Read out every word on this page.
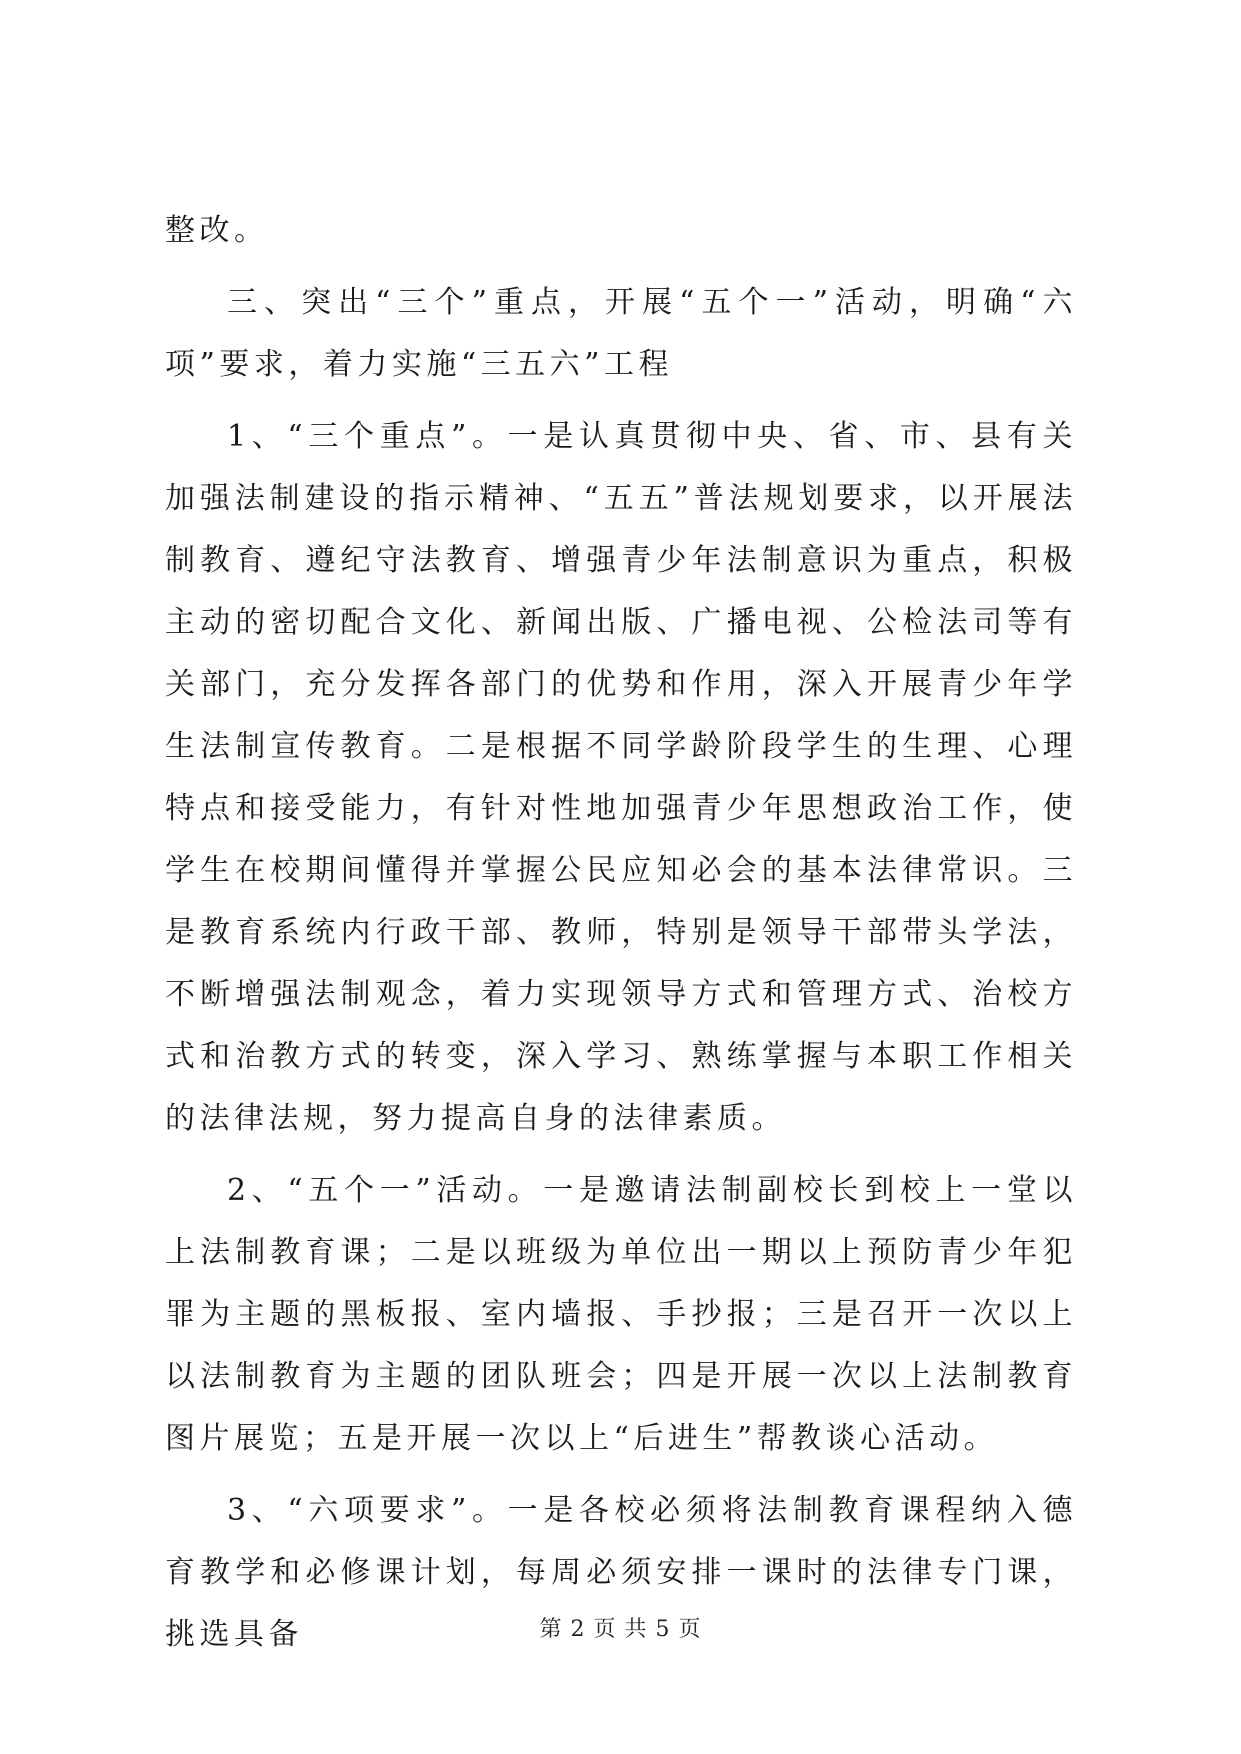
整改。

三、突出“三个”重点，开展“五个一”活动，明确“六项”要求，着力实施“三五六”工程

1、“三个重点”。一是认真贯彻中央、省、市、县有关加强法制建设的指示精神、“五五”普法规划要求，以开展法制教育、遵纪守法教育、增强青少年法制意识为重点，积极主动的密切配合文化、新闻出版、广播电视、公检法司等有关部门，充分发挥各部门的优势和作用，深入开展青少年学生法制宣传教育。二是根据不同学龄阶段学生的生理、心理特点和接受能力，有针对性地加强青少年思想政治工作，使学生在校期间懂得并掌握公民应知必会的基本法律常识。三是教育系统内行政干部、教师，特别是领导干部带头学法，不断增强法制观念，着力实现领导方式和管理方式、治校方式和治教方式的转变，深入学习、熟练掌握与本职工作相关的法律法规，努力提高自身的法律素质。

2、“五个一”活动。一是邀请法制副校长到校上一堂以上法制教育课；二是以班级为单位出一期以上预防青少年犯罪为主题的黑板报、室内墙报、手抄报；三是召开一次以上以法制教育为主题的团队班会；四是开展一次以上法制教育图片展览；五是开展一次以上“后进生”帮教谈心活动。

3、“六项要求”。一是各校必须将法制教育课程纳入德育教学和必修课计划，每周必须安排一课时的法律专门课，挑选具备	第 2 页 共 5 页
